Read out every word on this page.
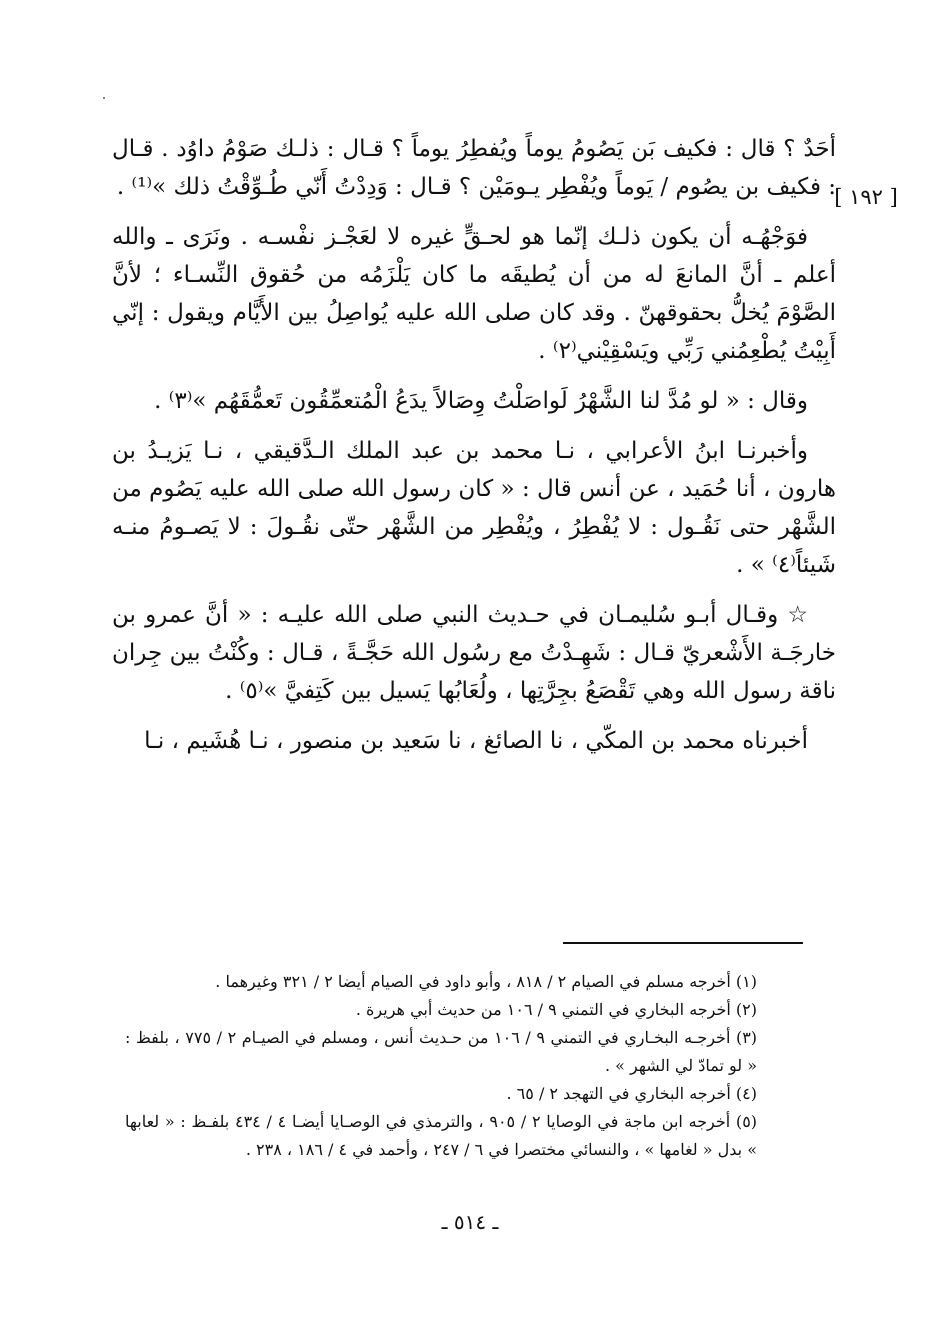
[ ١٩٢ ]

أحَدٌ ؟ قال : فكيف بَن يَصُومُ يوماً ويُفطِرُ يوماً ؟ قـال : ذلـك صَوْمُ داوُد . قـال : فكيف بن يصُوم / يَوماً ويُفْطِر يـومَيْن ؟ قـال : وَدِدْتُ أَنّي طُـوِّقْتُ ذلك »⁽¹⁾ .

فوَجْهُـه أن يكون ذلـك إنّما هو لحـقٍّ غيره لا لعَجْـز نفْسـه . ونَرَى ـ والله أعلم ـ أنَّ المانعَ له من أن يُطيقَه ما كان يَلْزَمُه من حُقوق النِّسـاء ؛ لأنَّ الصَّوْمَ يُخلُّ بحقوقهنّ . وقد كان صلى الله عليه يُواصِلُ بين الأَيَّام ويقول : إنّي أَبِيْتُ يُطْعِمُني رَبِّي ويَسْقِيْني⁽٢⁾ .

وقال : « لو مُدَّ لنا الشَّهْرُ لَواصَلْتُ وِصَالاً يدَعُ الْمُتعمِّقُون تَعمُّقَهُم »⁽٣⁾ .

وأخبرنـا ابنُ الأعرابي ، نـا محمد بن عبد الملك الـدَّقيقي ، نـا يَزيـدُ بن هارون ، أنا حُمَيد ، عن أنس قال : « كان رسول الله صلى الله عليه يَصُوم من الشَّهْر حتى نَقُـول : لا يُفْطِرُ ، ويُفْطِر من الشَّهْر حتّى نقُـولَ : لا يَصـومُ منـه شَيئاً⁽٤⁾ » .

☆ وقـال أبـو سُليمـان في حـديث النبي صلى الله عليـه : « أنَّ عمرو بن خارجَـة الأَشْعريّ قـال : شَهِـدْتُ مع رسُول الله حَجَّـةً ، قـال : وكُنْتُ بين جِران ناقة رسول الله وهي تَقْصَعُ بجِرَّتِها ، ولُعَابُها يَسيل بين كَتِفيَّ »⁽٥⁾ .

أخبرناه محمد بن المكّي ، نا الصائغ ، نا سَعيد بن منصور ، نـا هُشَيم ، نـا

(١) أخرجه مسلم في الصيام ٢ / ٨١٨ ، وأبو داود في الصيام أيضا ٢ / ٣٢١ وغيرهما .

(٢) أخرجه البخاري في التمني ٩ / ١٠٦ من حديث أبي هريرة .

(٣) أخرجـه البخـاري في التمني ٩ / ١٠٦ من حـديث أنس ، ومسلم في الصيـام ٢ / ٧٧٥ ، بلفظ : « لو تمادّ لي الشهر » .

(٤) أخرجه البخاري في التهجد ٢ / ٦٥ .

(٥) أخرجه ابن ماجة في الوصايا ٢ / ٩٠٥ ، والترمذي في الوصـايا أيضـا ٤ / ٤٣٤ بلفـظ : « لعابها » بدل « لغامها » ، والنسائي مختصرا في ٦ / ٢٤٧ ، وأحمد في ٤ / ١٨٦ ، ٢٣٨ .

ـ ٥١٤ ـ
